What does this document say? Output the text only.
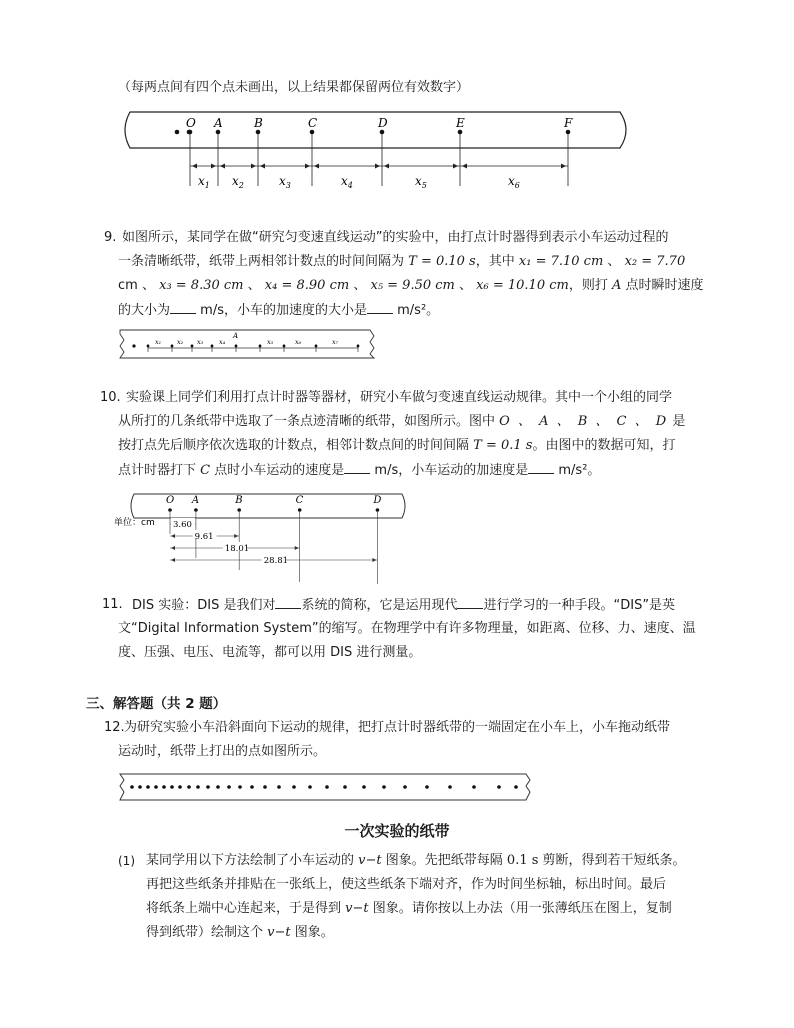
（每两点间有四个点未画出，以上结果都保留两位有效数字）
O A	B	C	D	E	F
$x_1$ $x_2$	$x_3$	$x_4$	$x_5$	$x_6$
9. 如图所示，某同学在做“研究匀变速直线运动”的实验中，由打点计时器得到表示小车运动过程的
一条清晰纸带，纸带上两相邻计数点的时间间隔为 T = 0.10 s，其中 x₁ = 7.10 cm 、 x₂ = 7.70
cm 、 x₃ = 8.30 cm 、 x₄ = 8.90 cm 、 x₅ = 9.50 cm 、 x₆ = 10.10 cm，则打 A 点时瞬时速度
的大小为 m/s，小车的加速度的大小是 m/s²。
x₁ x₂ x₃ x₄
A
x₅	x₆	x₇
10. 实验课上同学们利用打点计时器等器材，研究小车做匀变速直线运动规律。其中一个小组的同学
从所打的几条纸带中选取了一条点迹清晰的纸带，如图所示。图中 O 、 A 、 B 、 C 、 D 是
按打点先后顺序依次选取的计数点，相邻计数点间的时间间隔 T = 0.1 s。由图中的数据可知，打
点计时器打下 C 点时小车运动的速度是 m/s，小车运动的加速度是 m/s²。
O A	B	C	D
单位：cm 3.60
9.61
18.01
28.81
11. DIS 实验：DIS 是我们对 系统的简称，它是运用现代 进行学习的一种手段。“DIS”是英
文“Digital Information System”的缩写。在物理学中有许多物理量，如距离、位移、力、速度、温
度、压强、电压、电流等，都可以用 DIS 进行测量。
三、解答题（共 2 题）
12. 为研究实验小车沿斜面向下运动的规律，把打点计时器纸带的一端固定在小车上，小车拖动纸带
运动时，纸带上打出的点如图所示。
一次实验的纸带
(1) 某同学用以下方法绘制了小车运动的 v−t 图象。先把纸带每隔 0.1 s 剪断，得到若干短纸条。
再把这些纸条并排贴在一张纸上，使这些纸条下端对齐，作为时间坐标轴，标出时间。最后
将纸条上端中心连起来，于是得到 v−t 图象。请你按以上办法（用一张薄纸压在图上，复制
得到纸带）绘制这个 v−t 图象。
